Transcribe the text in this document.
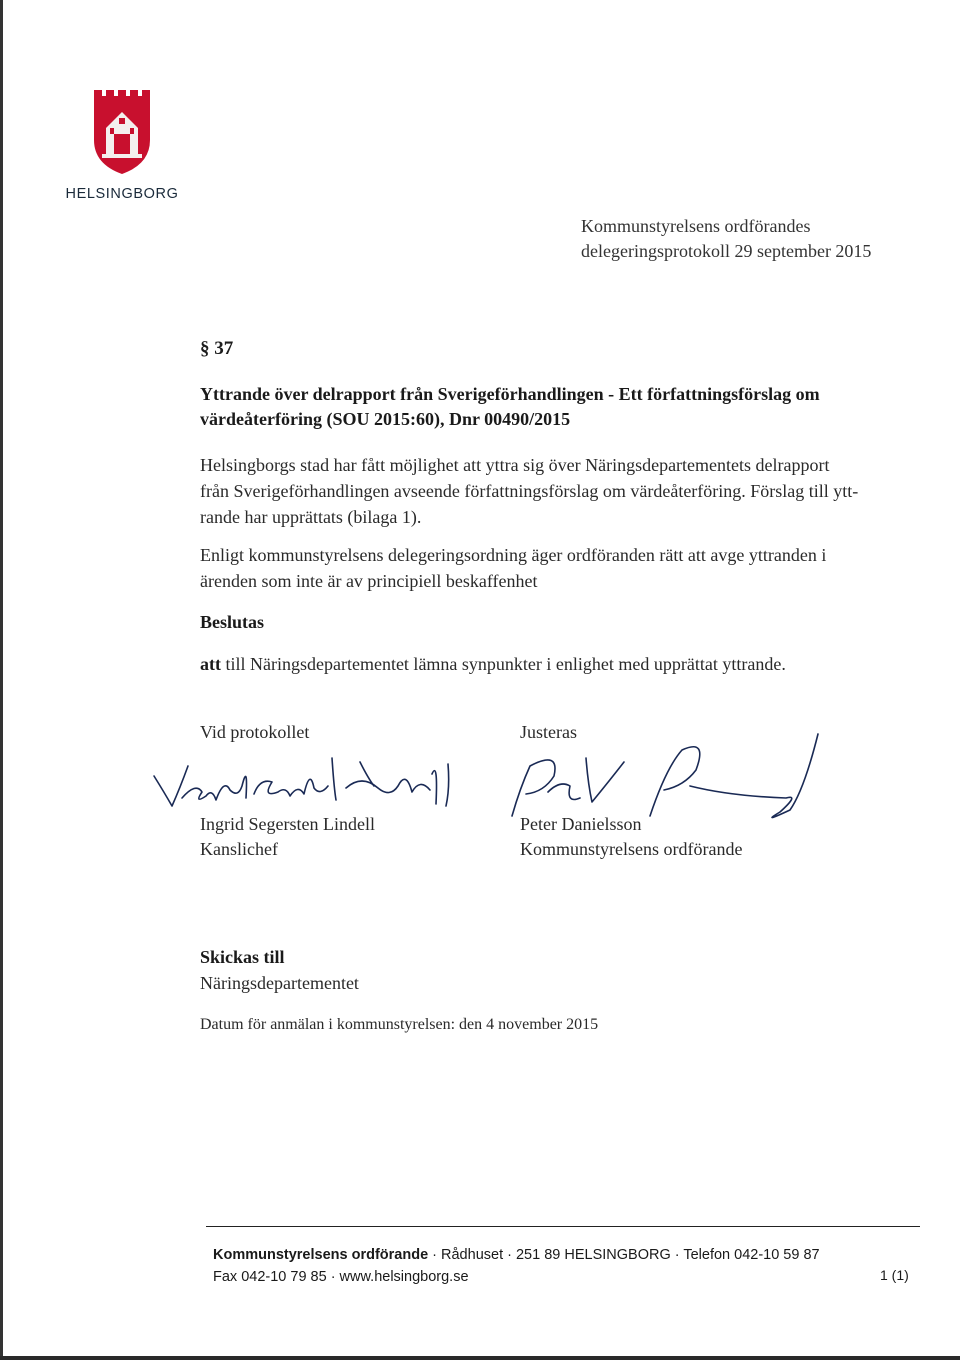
HELSINGBORG
Kommunstyrelsens ordförandes
delegeringsprotokoll 29 september 2015
§ 37
Yttrande över delrapport från Sverigeförhandlingen - Ett författningsförslag om
värdeåterföring (SOU 2015:60), Dnr 00490/2015
Helsingborgs stad har fått möjlighet att yttra sig över Näringsdepartementets delrapport
från Sverigeförhandlingen avseende författningsförslag om värdeåterföring. Förslag till ytt-
rande har upprättats (bilaga 1).
Enligt kommunstyrelsens delegeringsordning äger ordföranden rätt att avge yttranden i
ärenden som inte är av principiell beskaffenhet
Beslutas
att till Näringsdepartementet lämna synpunkter i enlighet med upprättat yttrande.
Vid protokollet
Ingrid Segersten Lindell
Kanslichef
Justeras
Peter Danielsson
Kommunstyrelsens ordförande
Skickas till
Näringsdepartementet
Datum för anmälan i kommunstyrelsen: den 4 november 2015
Kommunstyrelsens ordförande · Rådhuset · 251 89 HELSINGBORG · Telefon 042-10 59 87
Fax 042-10 79 85 · www.helsingborg.se	1 (1)
